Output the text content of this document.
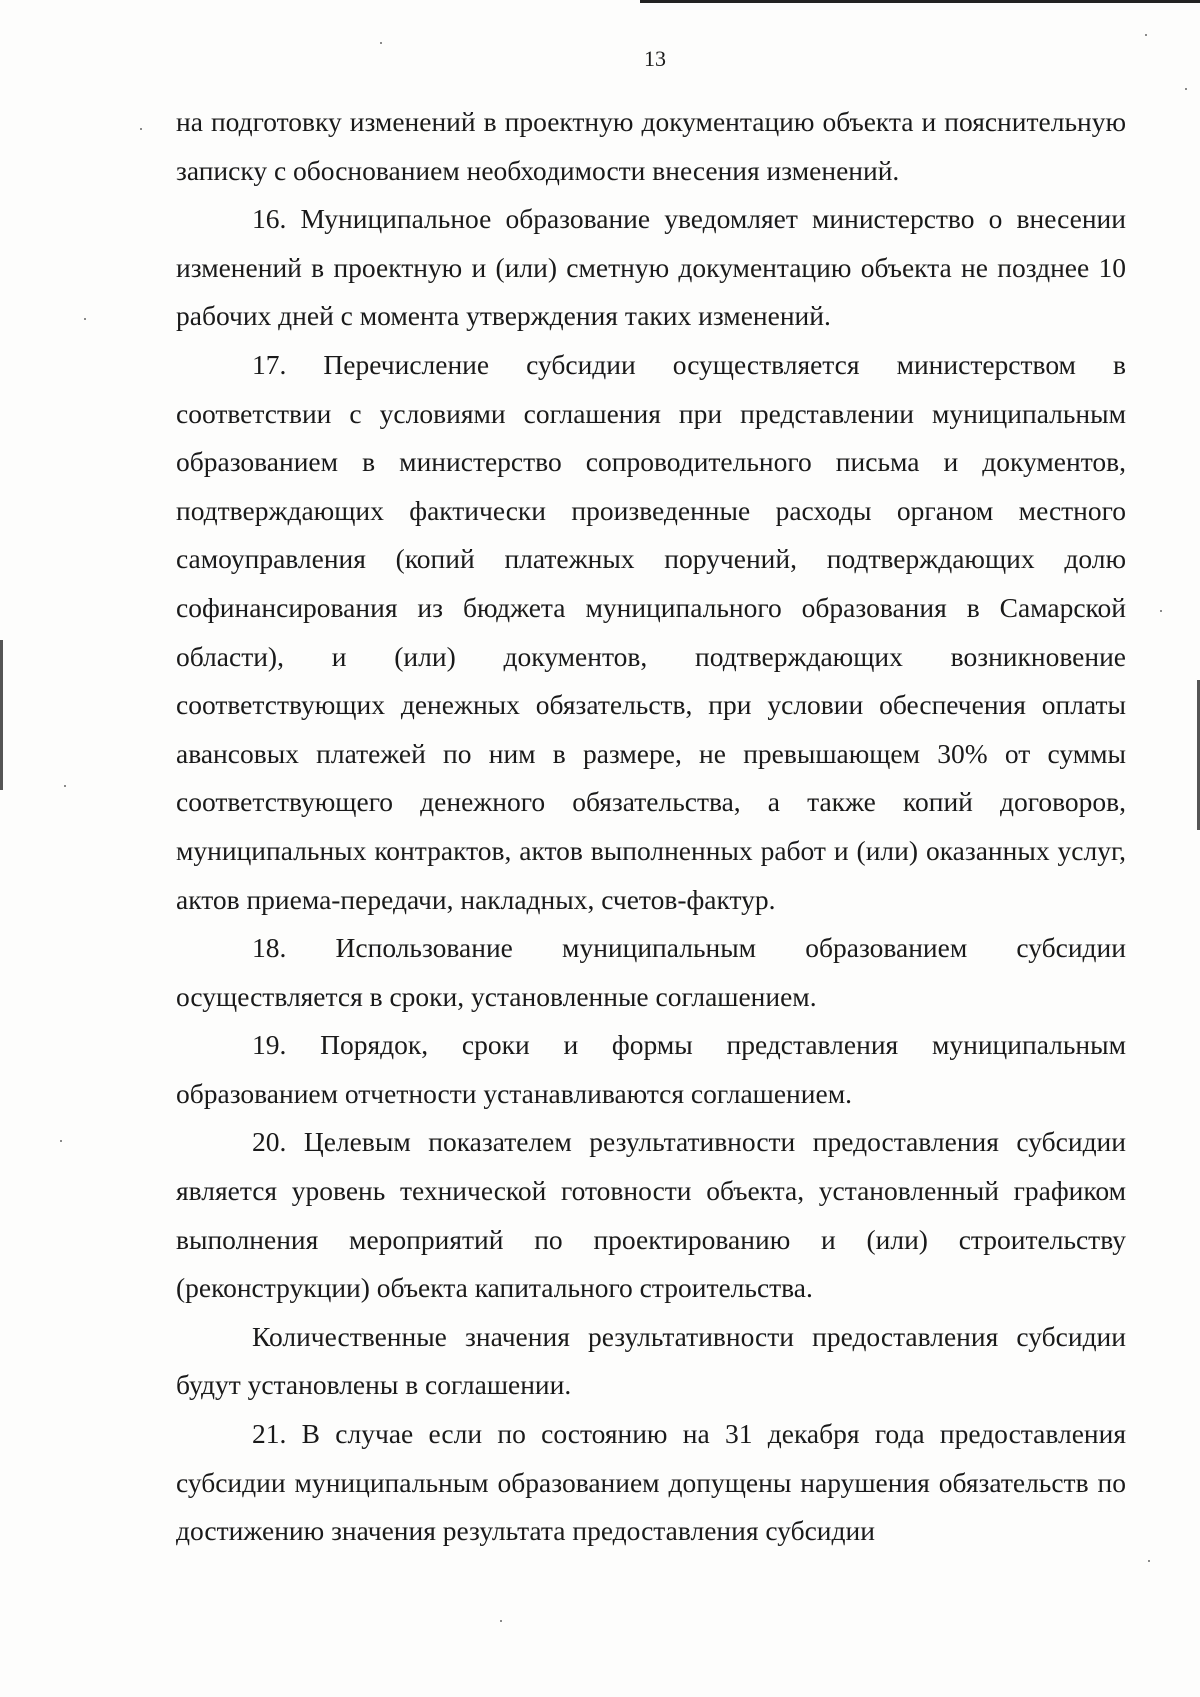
13

на подготовку изменений в проектную документацию объекта и пояснительную записку с обоснованием необходимости внесения изменений.

16. Муниципальное образование уведомляет министерство о внесении изменений в проектную и (или) сметную документацию объекта не позднее 10 рабочих дней с момента утверждения таких изменений.

17. Перечисление субсидии осуществляется министерством в соответствии с условиями соглашения при представлении муниципальным образованием в министерство сопроводительного письма и документов, подтверждающих фактически произведенные расходы органом местного самоуправления (копий платежных поручений, подтверждающих долю софинансирования из бюджета муниципального образования в Самарской области), и (или) документов, подтверждающих возникновение соответствующих денежных обязательств, при условии обеспечения оплаты авансовых платежей по ним в размере, не превышающем 30% от суммы соответствующего денежного обязательства, а также копий договоров, муниципальных контрактов, актов выполненных работ и (или) оказанных услуг, актов приема-передачи, накладных, счетов-фактур.

18. Использование муниципальным образованием субсидии осуществляется в сроки, установленные соглашением.

19. Порядок, сроки и формы представления муниципальным образованием отчетности устанавливаются соглашением.

20. Целевым показателем результативности предоставления субсидии является уровень технической готовности объекта, установленный графиком выполнения мероприятий по проектированию и (или) строительству (реконструкции) объекта капитального строительства.

Количественные значения результативности предоставления субсидии будут установлены в соглашении.

21. В случае если по состоянию на 31 декабря года предоставления субсидии муниципальным образованием допущены нарушения обязательств по достижению значения результата предоставления субсидии
